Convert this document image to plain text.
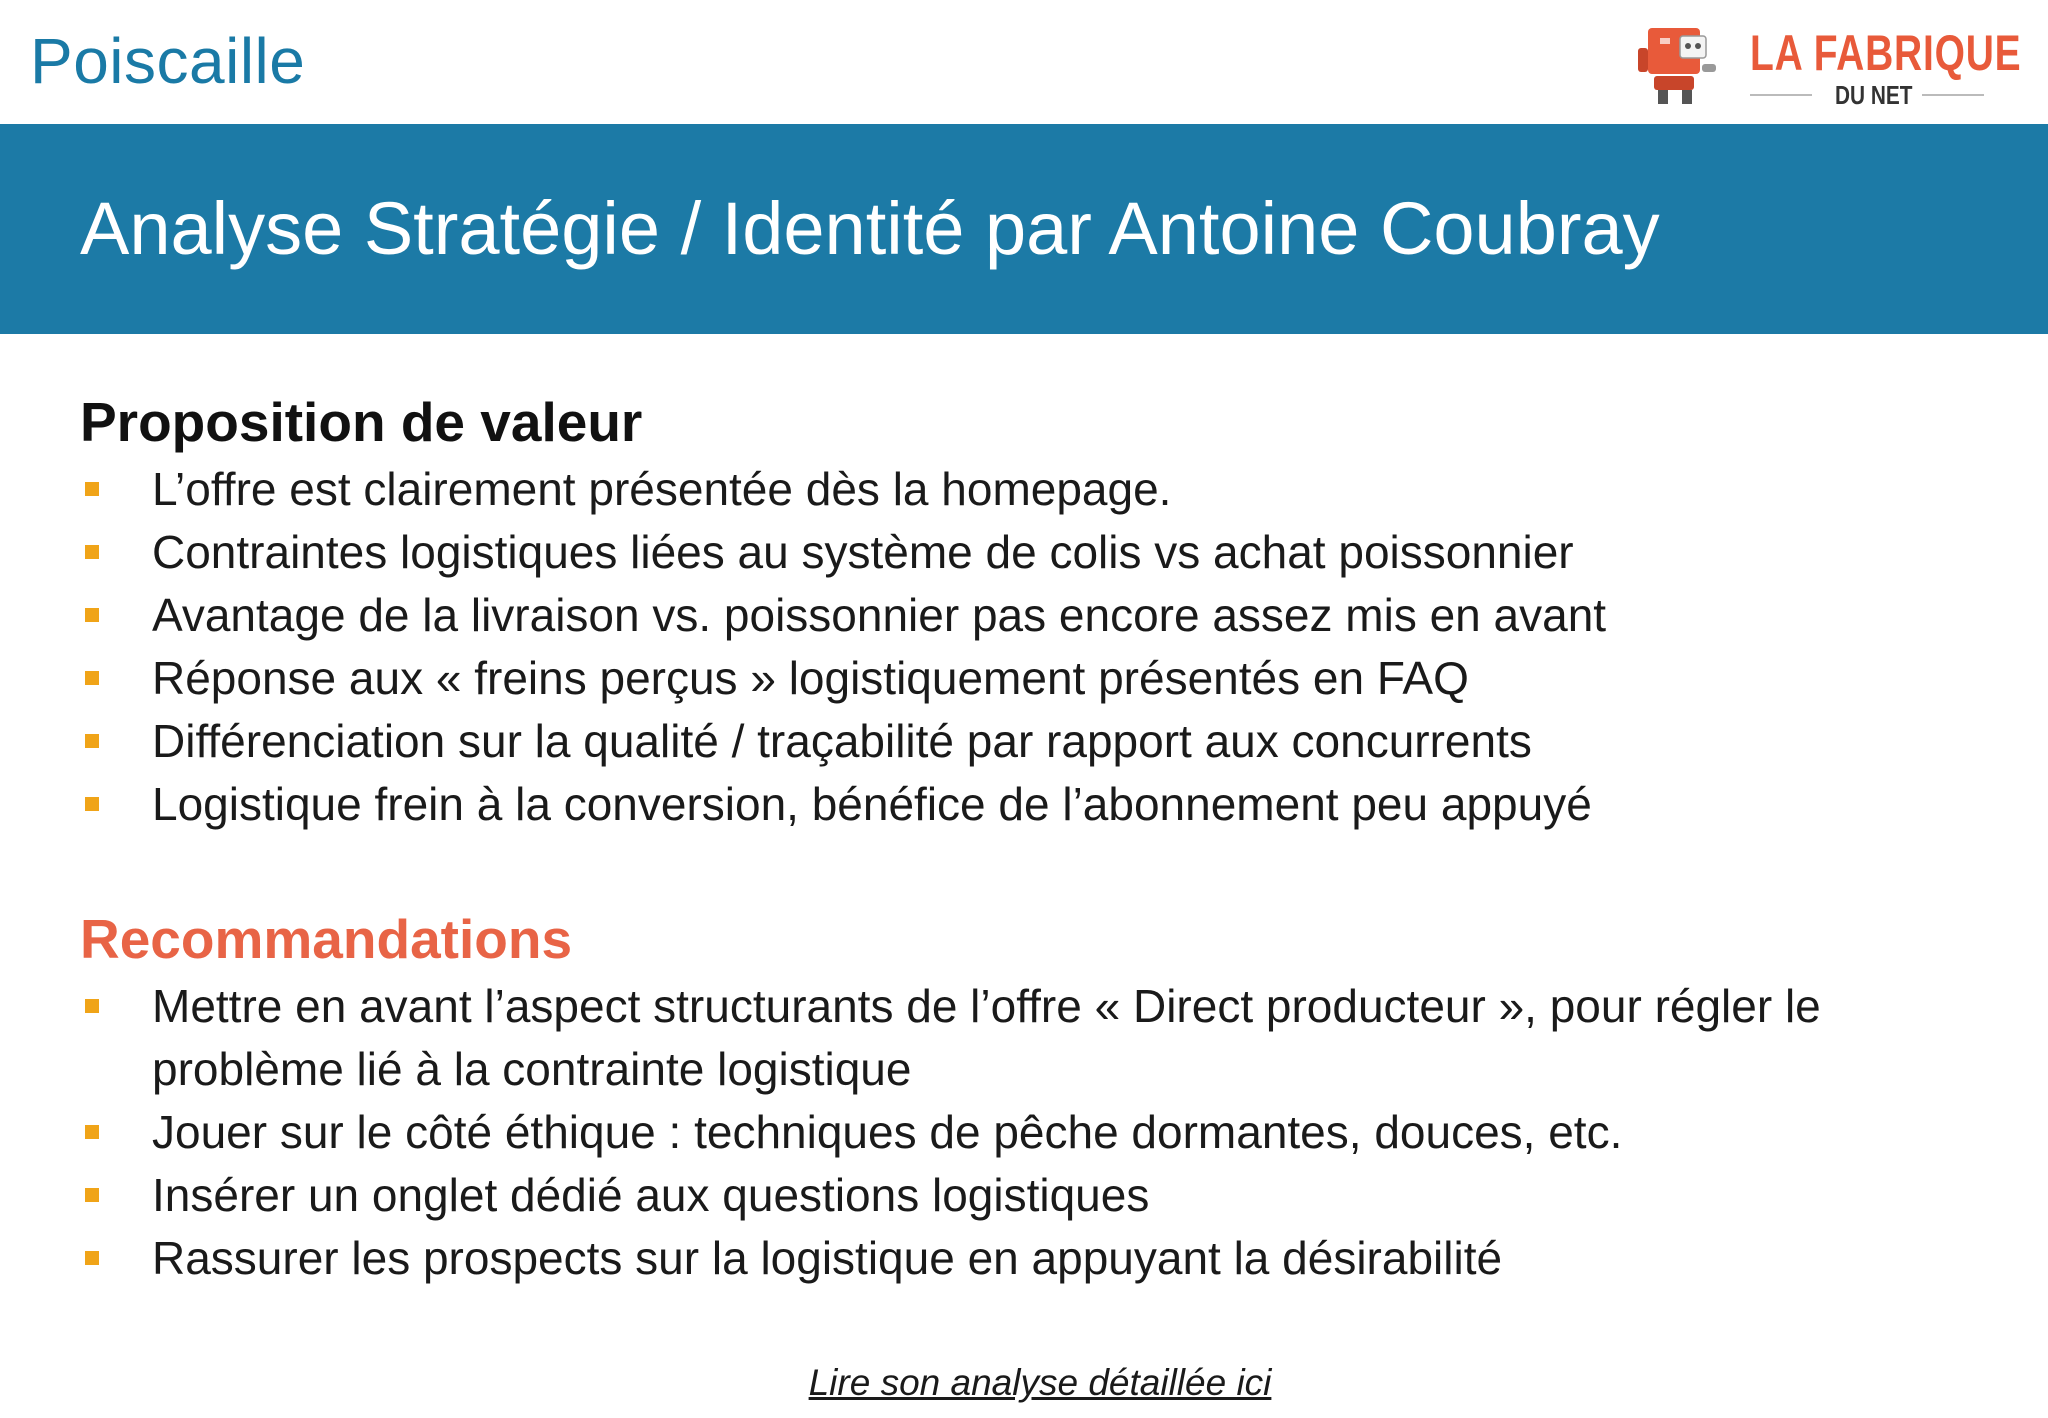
Poiscaille	LA FABRIQUE
DU NET
Analyse Stratégie / Identité par Antoine Coubray
Proposition de valeur
L’offre est clairement présentée dès la homepage.
Contraintes logistiques liées au système de colis vs achat poissonnier
Avantage de la livraison vs. poissonnier pas encore assez mis en avant
Réponse aux « freins perçus » logistiquement présentés en FAQ
Différenciation sur la qualité / traçabilité par rapport aux concurrents
Logistique frein à la conversion, bénéfice de l’abonnement peu appuyé
Recommandations
Mettre en avant l’aspect structurants de l’offre « Direct producteur », pour régler le problème lié à la contrainte logistique
Jouer sur le côté éthique : techniques de pêche dormantes, douces, etc.
Insérer un onglet dédié aux questions logistiques
Rassurer les prospects sur la logistique en appuyant la désirabilité
Lire son analyse détaillée ici
